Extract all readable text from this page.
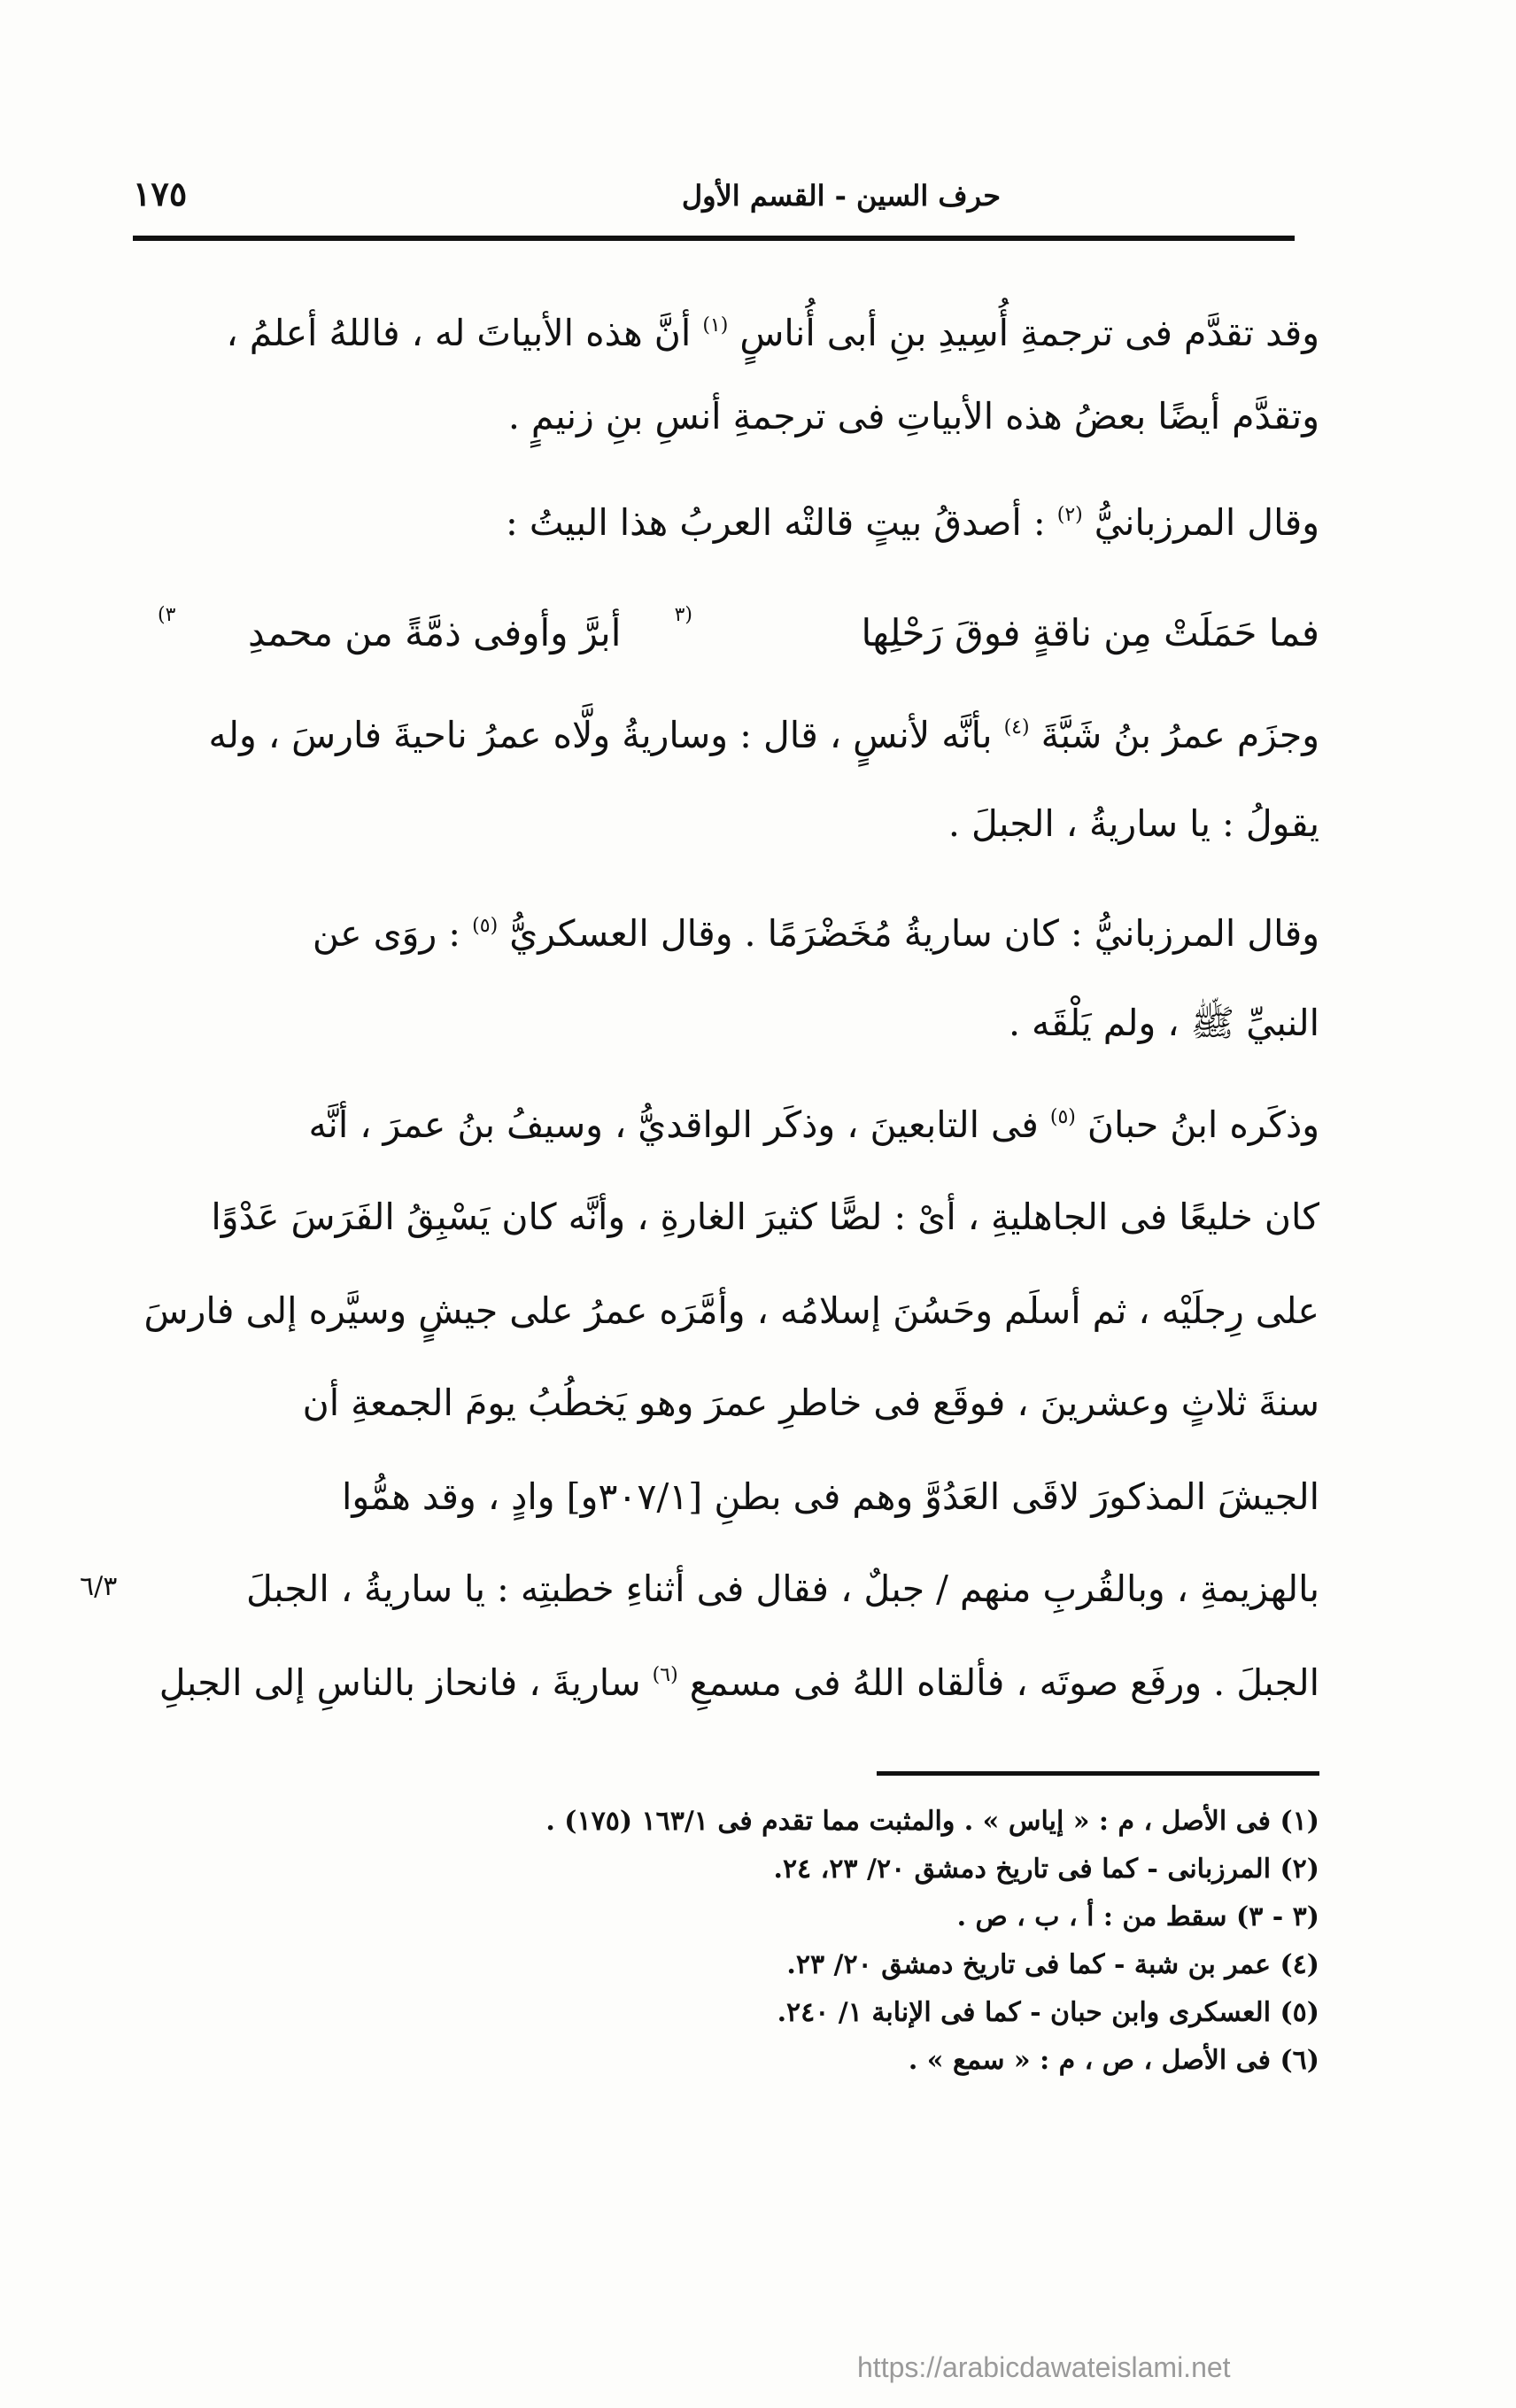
حرف السين - القسم الأول
١٧٥
وقد تقدَّم فى ترجمةِ أُسِيدِ بنِ أبى أُناسٍ $^{(١)}$ أنَّ هذه الأبياتَ له ، فاللهُ أعلمُ ،
وتقدَّم أيضًا بعضُ هذه الأبياتِ فى ترجمةِ أنسِ بنِ زنيمٍ .
وقال المرزبانيُّ $^{(٢)}$ : أصدقُ بيتٍ قالتْه العربُ هذا البيتُ :
فما حَمَلَتْ مِن ناقةٍ فوقَ رَحْلِها
(٣
أبرَّ وأوفى ذمَّةً من محمدِ
٣)
وجزَم عمرُ بنُ شَبَّةَ $^{(٤)}$ بأنَّه لأنسٍ ، قال : وساريةُ ولَّاه عمرُ ناحيةَ فارسَ ، وله
يقولُ : يا ساريةُ ، الجبلَ .
وقال المرزبانيُّ : كان ساريةُ مُخَضْرَمًا . وقال العسكريُّ $^{(٥)}$ : روَى عن
النبيِّ ﷺ ، ولم يَلْقَه .
وذكَره ابنُ حبانَ $^{(٥)}$ فى التابعينَ ، وذكَر الواقديُّ ، وسيفُ بنُ عمرَ ، أنَّه
كان خليعًا فى الجاهليةِ ، أىْ : لصًّا كثيرَ الغارةِ ، وأنَّه كان يَسْبِقُ الفَرَسَ عَدْوًا
على رِجلَيْه ، ثم أسلَم وحَسُنَ إسلامُه ، وأمَّرَه عمرُ على جيشٍ وسيَّره إلى فارسَ
سنةَ ثلاثٍ وعشرينَ ، فوقَع فى خاطرِ عمرَ وهو يَخطُبُ يومَ الجمعةِ أن
الجيشَ المذكورَ لاقَى العَدُوَّ وهم فى بطنِ [٣٠٧/١و] وادٍ ، وقد همُّوا
بالهزيمةِ ، وبالقُربِ منهم / جبلٌ ، فقال فى أثناءِ خطبتِه : يا ساريةُ ، الجبلَ
٦/٣
الجبلَ . ورفَع صوتَه ، فألقاه اللهُ فى مسمعِ $^{(٦)}$ ساريةَ ، فانحاز بالناسِ إلى الجبلِ
(١) فى الأصل ، م : « إياس » . والمثبت مما تقدم فى ١٦٣/١ (١٧٥) .
(٢) المرزبانى - كما فى تاريخ دمشق ٢٠/ ٢٣، ٢٤.
(٣ - ٣) سقط من : أ ، ب ، ص .
(٤) عمر بن شبة - كما فى تاريخ دمشق ٢٠/ ٢٣.
(٥) العسكرى وابن حبان - كما فى الإنابة ١/ ٢٤٠.
(٦) فى الأصل ، ص ، م : « سمع » .
https://arabicdawateislami.net
